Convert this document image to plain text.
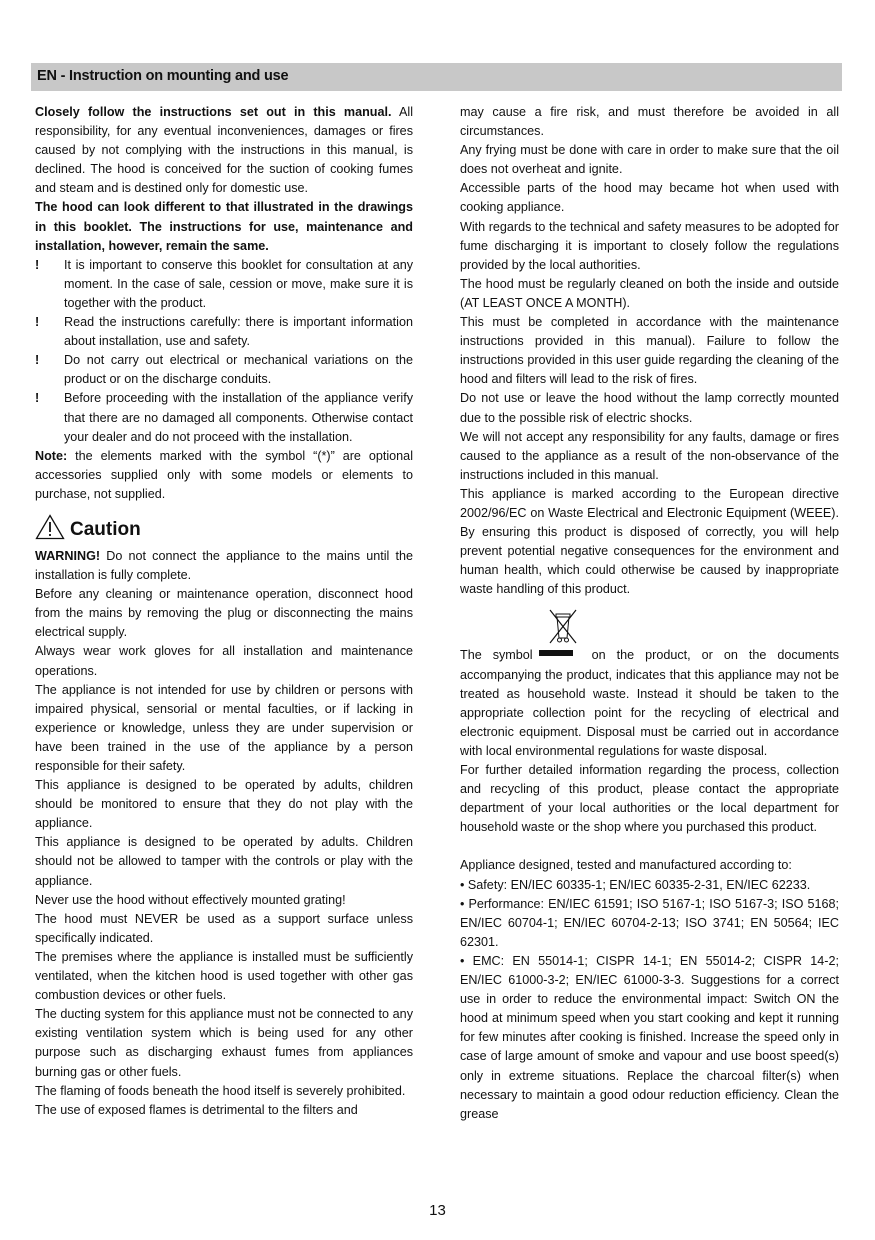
EN - Instruction on mounting and use

Closely follow the instructions set out in this manual. All responsibility, for any eventual inconveniences, damages or fires caused by not complying with the instructions in this manual, is declined. The hood is conceived for the suction of cooking fumes and steam and is destined only for domestic use.

The hood can look different to that illustrated in the drawings in this booklet. The instructions for use, maintenance and installation, however, remain the same.

!	It is important to conserve this booklet for consultation at any moment. In the case of sale, cession or move, make sure it is together with the product.
!	Read the instructions carefully: there is important information about installation, use and safety.
!	Do not carry out electrical or mechanical variations on the product or on the discharge conduits.
!	Before proceeding with the installation of the appliance verify that there are no damaged all components. Otherwise contact your dealer and do not proceed with the installation.

Note: the elements marked with the symbol “(*)” are optional accessories supplied only with some models or elements to purchase, not supplied.

Caution

WARNING! Do not connect the appliance to the mains until the installation is fully complete.

Before any cleaning or maintenance operation, disconnect hood from the mains by removing the plug or disconnecting the mains electrical supply.

Always wear work gloves for all installation and maintenance operations.

The appliance is not intended for use by children or persons with impaired physical, sensorial or mental faculties, or if lacking in experience or knowledge, unless they are under supervision or have been trained in the use of the appliance by a person responsible for their safety.

This appliance is designed to be operated by adults, children should be monitored to ensure that they do not play with the appliance.

This appliance is designed to be operated by adults. Children should not be allowed to tamper with the controls or play with the appliance.

Never use the hood without effectively mounted grating!

The hood must NEVER be used as a support surface unless specifically indicated.

The premises where the appliance is installed must be sufficiently ventilated, when the kitchen hood is used together with other gas combustion devices or other fuels.

The ducting system for this appliance must not be connected to any existing ventilation system which is being used for any other purpose such as discharging exhaust fumes from appliances burning gas or other fuels.

The flaming of foods beneath the hood itself is severely prohibited.

The use of exposed flames is detrimental to the filters and

may cause a fire risk, and must therefore be avoided in all circumstances.

Any frying must be done with care in order to make sure that the oil does not overheat and ignite.

Accessible parts of the hood may became hot when used with cooking appliance.

With regards to the technical and safety measures to be adopted for fume discharging it is important to closely follow the regulations provided by the local authorities.

The hood must be regularly cleaned on both the inside and outside (AT LEAST ONCE A MONTH).

This must be completed in accordance with the maintenance instructions provided in this manual). Failure to follow the instructions provided in this user guide regarding the cleaning of the hood and filters will lead to the risk of fires.

Do not use or leave the hood without the lamp correctly mounted due to the possible risk of electric shocks.

We will not accept any responsibility for any faults, damage or fires caused to the appliance as a result of the non-observance of the instructions included in this manual.

This appliance is marked according to the European directive 2002/96/EC on Waste Electrical and Electronic Equipment (WEEE). By ensuring this product is disposed of correctly, you will help prevent potential negative consequences for the environment and human health, which could otherwise be caused by inappropriate waste handling of this product.

The symbol	on the product, or on the documents accompanying the product, indicates that this appliance may not be treated as household waste. Instead it should be taken to the appropriate collection point for the recycling of electrical and electronic equipment. Disposal must be carried out in accordance with local environmental regulations for waste disposal.

For further detailed information regarding the process, collection and recycling of this product, please contact the appropriate department of your local authorities or the local department for household waste or the shop where you purchased this product.

Appliance designed, tested and manufactured according to:

• Safety: EN/IEC 60335-1; EN/IEC 60335-2-31, EN/IEC 62233.

• Performance: EN/IEC 61591; ISO 5167-1; ISO 5167-3; ISO 5168; EN/IEC 60704-1; EN/IEC 60704-2-13; ISO 3741; EN 50564; IEC 62301.

• EMC: EN 55014-1; CISPR 14-1; EN 55014-2; CISPR 14-2; EN/IEC 61000-3-2; EN/IEC 61000-3-3. Suggestions for a correct use in order to reduce the environmental impact: Switch ON the hood at minimum speed when you start cooking and kept it running for few minutes after cooking is finished. Increase the speed only in case of large amount of smoke and vapour and use boost speed(s) only in extreme situations. Replace the charcoal filter(s) when necessary to maintain a good odour reduction efficiency. Clean the grease

13
